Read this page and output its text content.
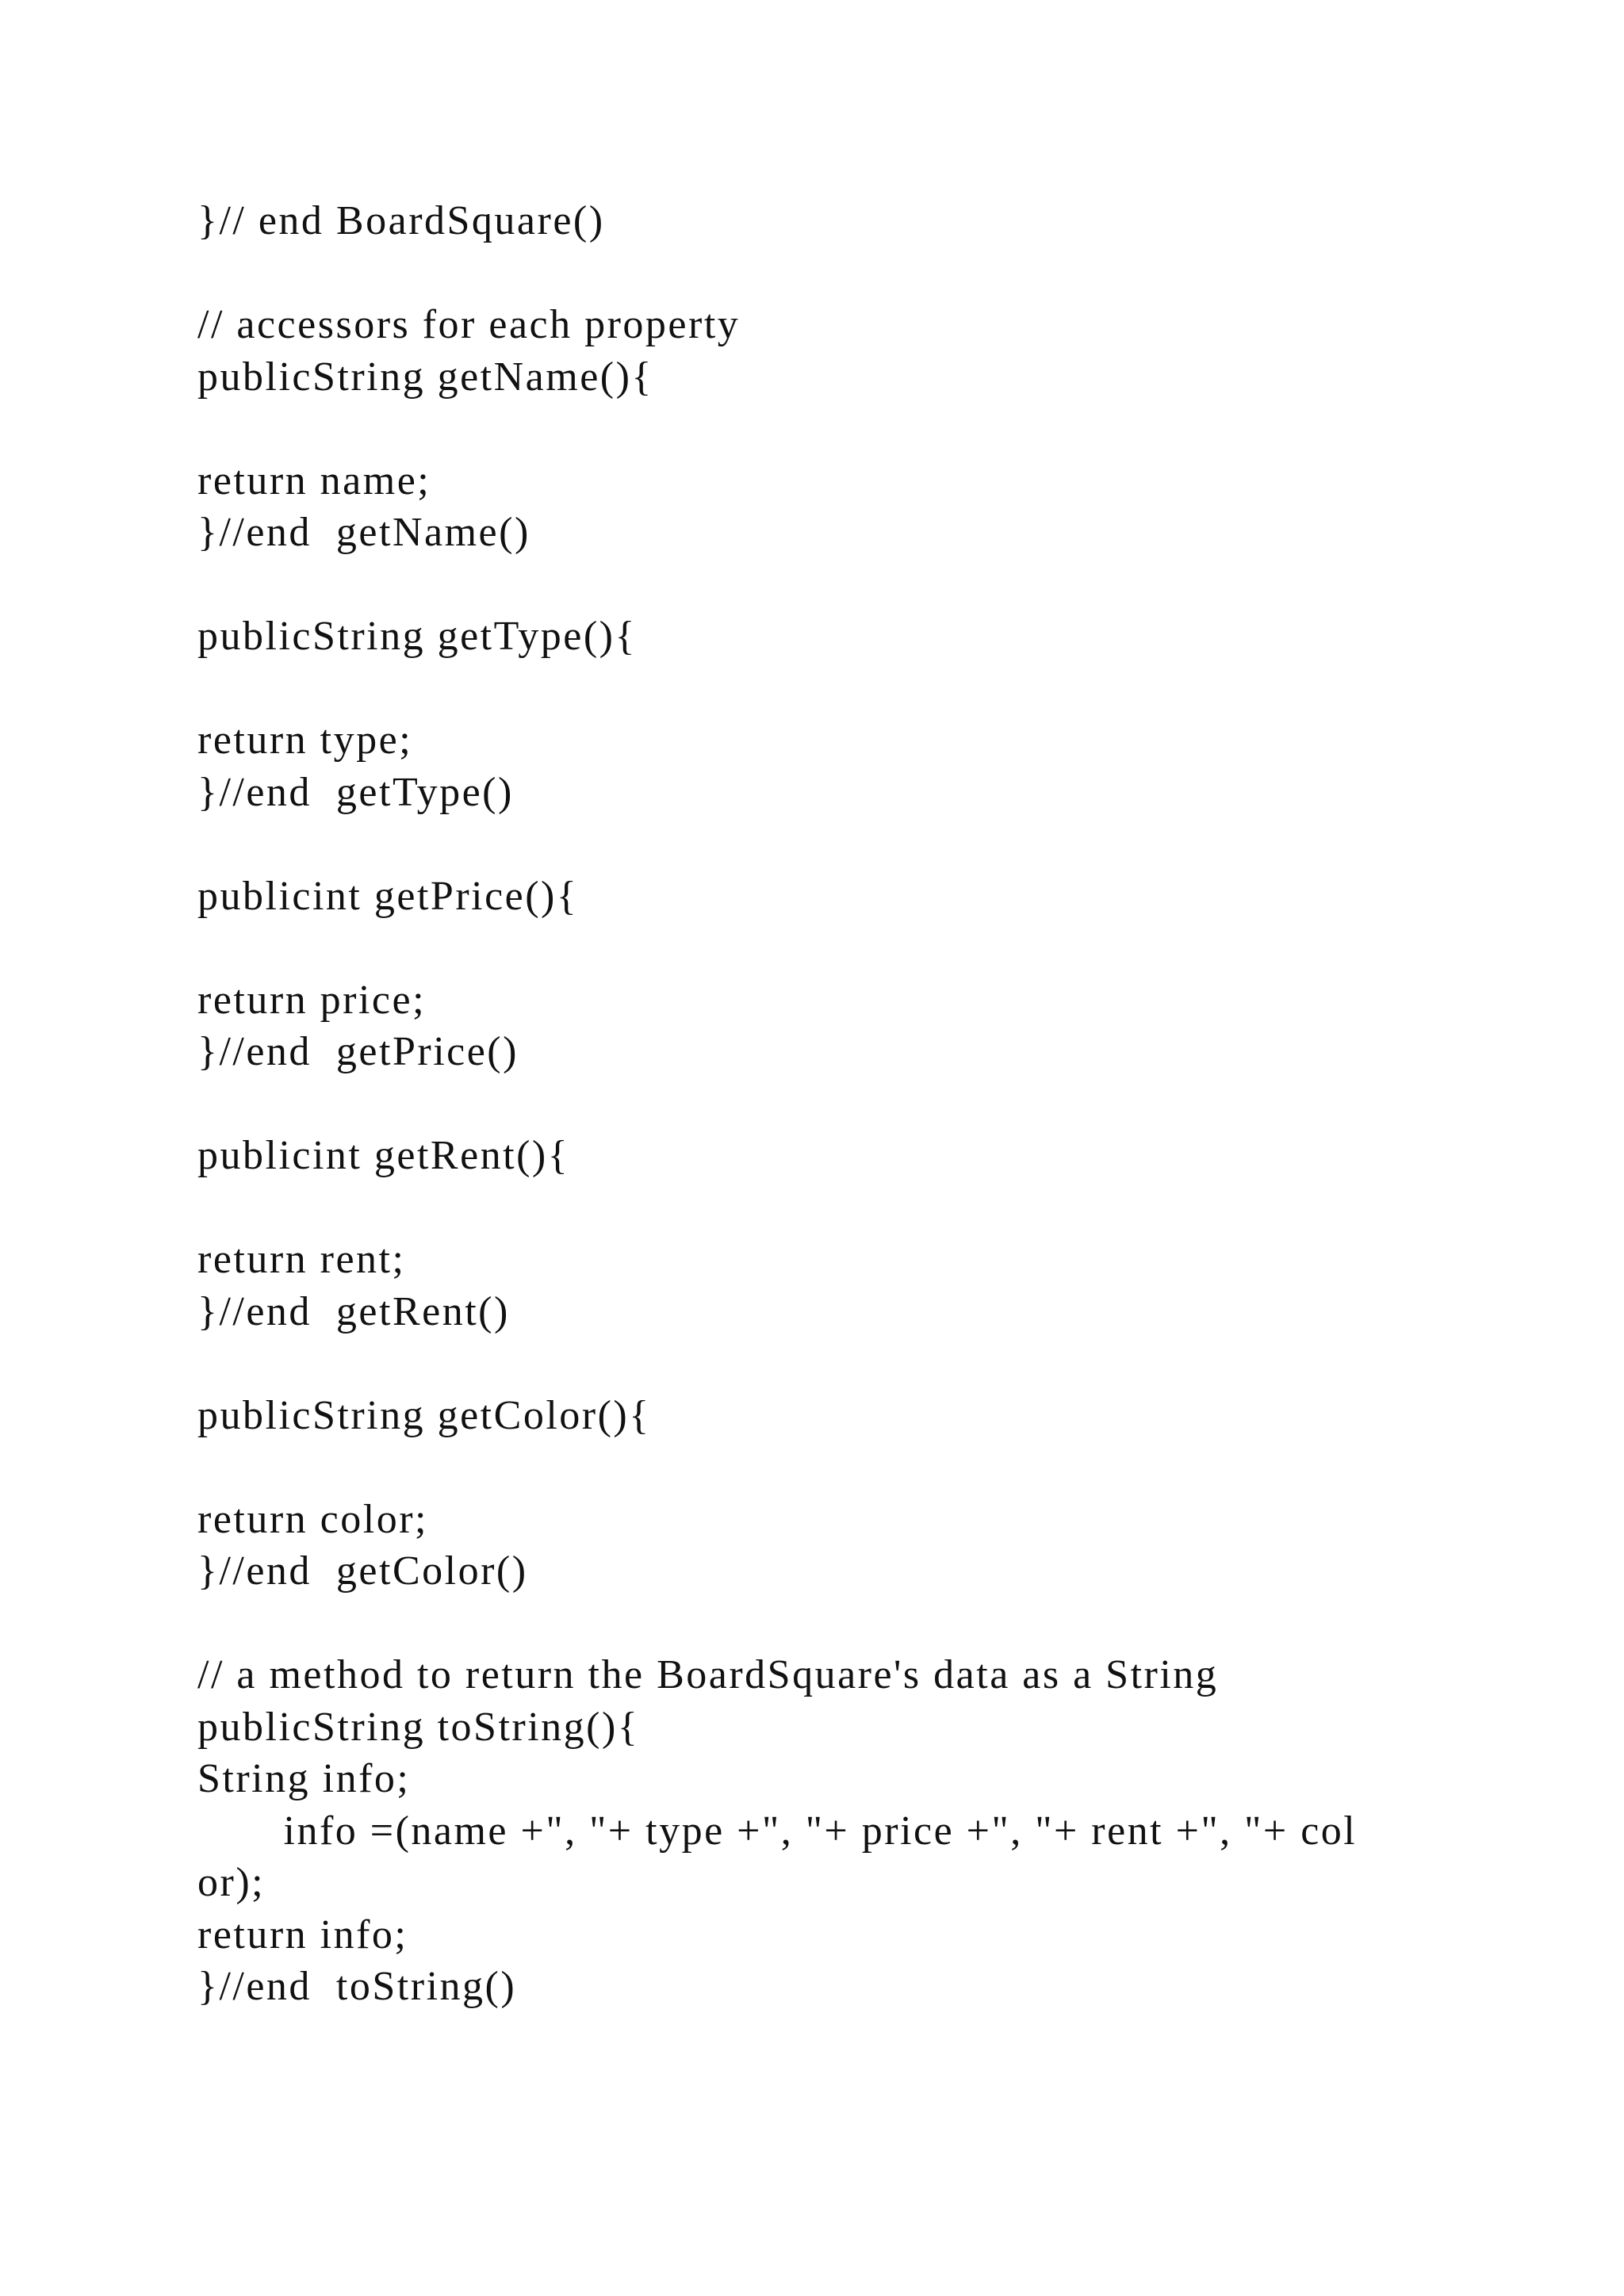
}// end BoardSquare()
// accessors for each property
publicString getName(){
return name;
}//end  getName()
publicString getType(){
return type;
}//end  getType()
publicint getPrice(){
return price;
}//end  getPrice()
publicint getRent(){
return rent;
}//end  getRent()
publicString getColor(){
return color;
}//end  getColor()
// a method to return the BoardSquare's data as a String
publicString toString(){
String info;
info =(name +", "+ type +", "+ price +", "+ rent +", "+ col
or);
return info;
}//end  toString()
